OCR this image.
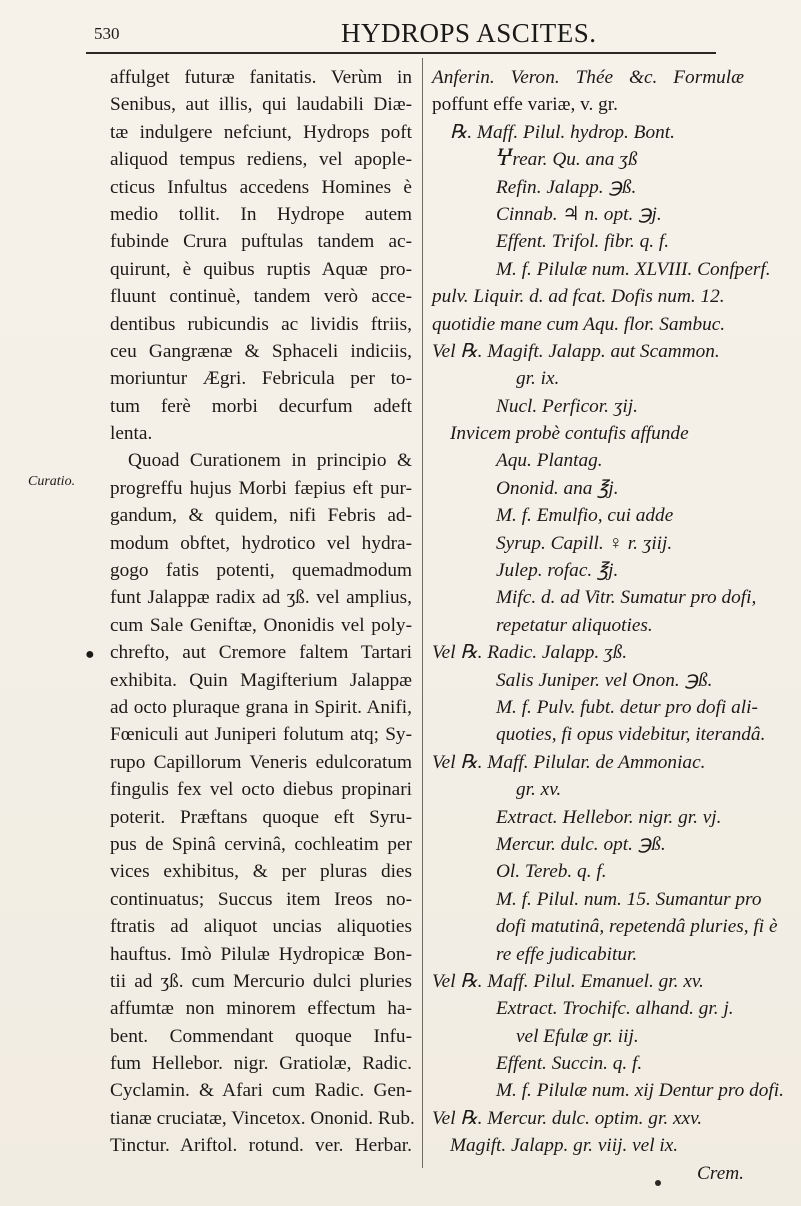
530	HYDROPS ASCITES.
Curatio.
●
affulget futuræ fanitatis. Verùm in
Senibus, aut illis, qui laudabili Diæ-
tæ indulgere nefciunt, Hydrops poft
aliquod tempus rediens, vel apople-
cticus Infultus accedens Homines è
medio tollit. In Hydrope autem
fubinde Crura puftulas tandem ac-
quirunt, è quibus ruptis Aquæ pro-
fluunt continuè, tandem verò acce-
dentibus rubicundis ac lividis ftriis,
ceu Gangrænæ & Sphaceli indiciis,
moriuntur Ægri. Febricula per to-
tum ferè morbi decurfum adeft
lenta.
Quoad Curationem in principio &
progreffu hujus Morbi fæpius eft pur-
gandum, & quidem, nifi Febris ad-
modum obftet, hydrotico vel hydra-
gogo fatis potenti, quemadmodum
funt Jalappæ radix ad ʒß. vel amplius,
cum Sale Geniftæ, Ononidis vel poly-
chrefto, aut Cremore faltem Tartari
exhibita. Quin Magifterium Jalappæ
ad octo pluraque grana in Spirit. Anifi,
Fœniculi aut Juniperi folutum atq; Sy-
rupo Capillorum Veneris edulcoratum
fingulis fex vel octo diebus propinari
poterit. Præftans quoque eft Syru-
pus de Spinâ cervinâ, cochleatim per
vices exhibitus, & per pluras dies
continuatus; Succus item Ireos no-
ftratis ad aliquot uncias aliquoties
hauftus. Imò Pilulæ Hydropicæ Bon-
tii ad ʒß. cum Mercurio dulci pluries
affumtæ non minorem effectum ha-
bent. Commendant quoque Infu-
fum Hellebor. nigr. Gratiolæ, Radic.
Cyclamin. & Afari cum Radic. Gen-
tianæ cruciatæ, Vincetox. Ononid. Rub.
Tinctur. Ariftol. rotund. ver. Herbar.
Anferin. Veron. Thée &c. Formulæ
poffunt effe variæ, v. gr.
℞. Maff. Pilul. hydrop. Bont.
Ⴤrear. Qu. ana ʒß
Refin. Jalapp. ℈ß.
Cinnab. ♃ n. opt. ℈j.
Effent. Trifol. fibr. q. f.
M. f. Pilulæ num. XLVIII. Confperf.
pulv. Liquir. d. ad fcat. Dofis num. 12.
quotidie mane cum Aqu. flor. Sambuc.
Vel ℞. Magift. Jalapp. aut Scammon.
gr. ix.
Nucl. Perficor. ʒij.
Invicem probè contufis affunde
Aqu. Plantag.
Ononid. ana ℥j.
M. f. Emulfio, cui adde
Syrup. Capill. ♀ r. ʒiij.
Julep. rofac. ℥j.
Mifc. d. ad Vitr. Sumatur pro dofi,
repetatur aliquoties.
Vel ℞. Radic. Jalapp. ʒß.
Salis Juniper. vel Onon. ℈ß.
M. f. Pulv. fubt. detur pro dofi ali-
quoties, fi opus videbitur, iterandâ.
Vel ℞. Maff. Pilular. de Ammoniac.
gr. xv.
Extract. Hellebor. nigr. gr. vj.
Mercur. dulc. opt. ℈ß.
Ol. Tereb. q. f.
M. f. Pilul. num. 15. Sumantur pro
dofi matutinâ, repetendâ pluries, fi è
re effe judicabitur.
Vel ℞. Maff. Pilul. Emanuel. gr. xv.
Extract. Trochifc. alhand. gr. j.
vel Efulæ gr. iij.
Effent. Succin. q. f.
M. f. Pilulæ num. xij Dentur pro dofi.
Vel ℞. Mercur. dulc. optim. gr. xxv.
Magift. Jalapp. gr. viij. vel ix.
Crem.
